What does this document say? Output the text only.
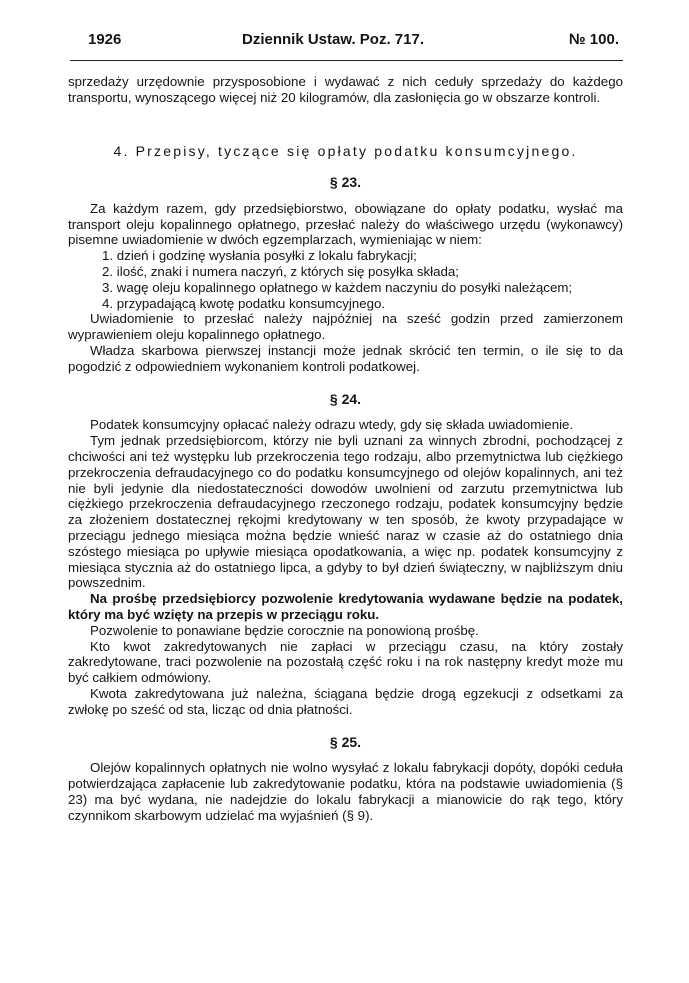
1926	Dziennik Ustaw. Poz. 717.	№ 100.

sprzedaży urzędownie przysposobione i wydawać z nich ceduły sprzedaży do każdego transportu, wynoszącego więcej niż 20 kilogramów, dla zasłonięcia go w obszarze kontroli.

4. Przepisy, tyczące się opłaty podatku konsumcyjnego.
§ 23.

Za każdym razem, gdy przedsiębiorstwo, obowiązane do opłaty podatku, wysłać ma transport oleju kopalinnego opłatnego, przesłać należy do właściwego urzędu (wykonawcy) pisemne uwiadomienie w dwóch egzemplarzach, wymieniając w niem:

1. dzień i godzinę wysłania posyłki z lokalu fabrykacji;

2. ilość, znaki i numera naczyń, z których się posyłka składa;

3. wagę oleju kopalinnego opłatnego w każdem naczyniu do posyłki należącem;

4. przypadającą kwotę podatku konsumcyjnego.

Uwiadomienie to przesłać należy najpóźniej na sześć godzin przed zamierzonem wyprawieniem oleju kopalinnego opłatnego.

Władza skarbowa pierwszej instancji może jednak skrócić ten termin, o ile się to da pogodzić z odpowiedniem wykonaniem kontroli podatkowej.

§ 24.

Podatek konsumcyjny opłacać należy odrazu wtedy, gdy się składa uwiadomienie.

Tym jednak przedsiębiorcom, którzy nie byli uznani za winnych zbrodni, pochodzącej z chciwości ani też występku lub przekroczenia tego rodzaju, albo przemytnictwa lub ciężkiego przekroczenia defraudacyjnego co do podatku konsumcyjnego od olejów kopalinnych, ani też nie byli jedynie dla niedostateczności dowodów uwolnieni od zarzutu przemytnictwa lub ciężkiego przekroczenia defraudacyjnego rzeczonego rodzaju, podatek konsumcyjny będzie za złożeniem dostatecznej rękojmi kredytowany w ten sposób, że kwoty przypadające w przeciągu jednego miesiąca można będzie wnieść naraz w czasie aż do ostatniego dnia szóstego miesiąca po upływie miesiąca opodatkowania, a więc np. podatek konsumcyjny z miesiąca stycznia aż do ostatniego lipca, a gdyby to był dzień świąteczny, w najbliższym dniu powszednim.

Na prośbę przedsiębiorcy pozwolenie kredytowania wydawane będzie na podatek, który ma być wzięty na przepis w przeciągu roku.

Pozwolenie to ponawiane będzie corocznie na ponowioną prośbę.

Kto kwot zakredytowanych nie zapłaci w przeciągu czasu, na który zostały zakredytowane, traci pozwolenie na pozostałą część roku i na rok następny kredyt może mu być całkiem odmówiony.

Kwota zakredytowana już należna, ściągana będzie drogą egzekucji z odsetkami za zwłokę po sześć od sta, licząc od dnia płatności.

§ 25.

Olejów kopalinnych opłatnych nie wolno wysyłać z lokalu fabrykacji dopóty, dopóki ceduła potwierdzająca zapłacenie lub zakredytowanie podatku, która na podstawie uwiadomienia (§ 23) ma być wydana, nie nadejdzie do lokalu fabrykacji a mianowicie do rąk tego, który czynnikom skarbowym udzielać ma wyjaśnień (§ 9).
